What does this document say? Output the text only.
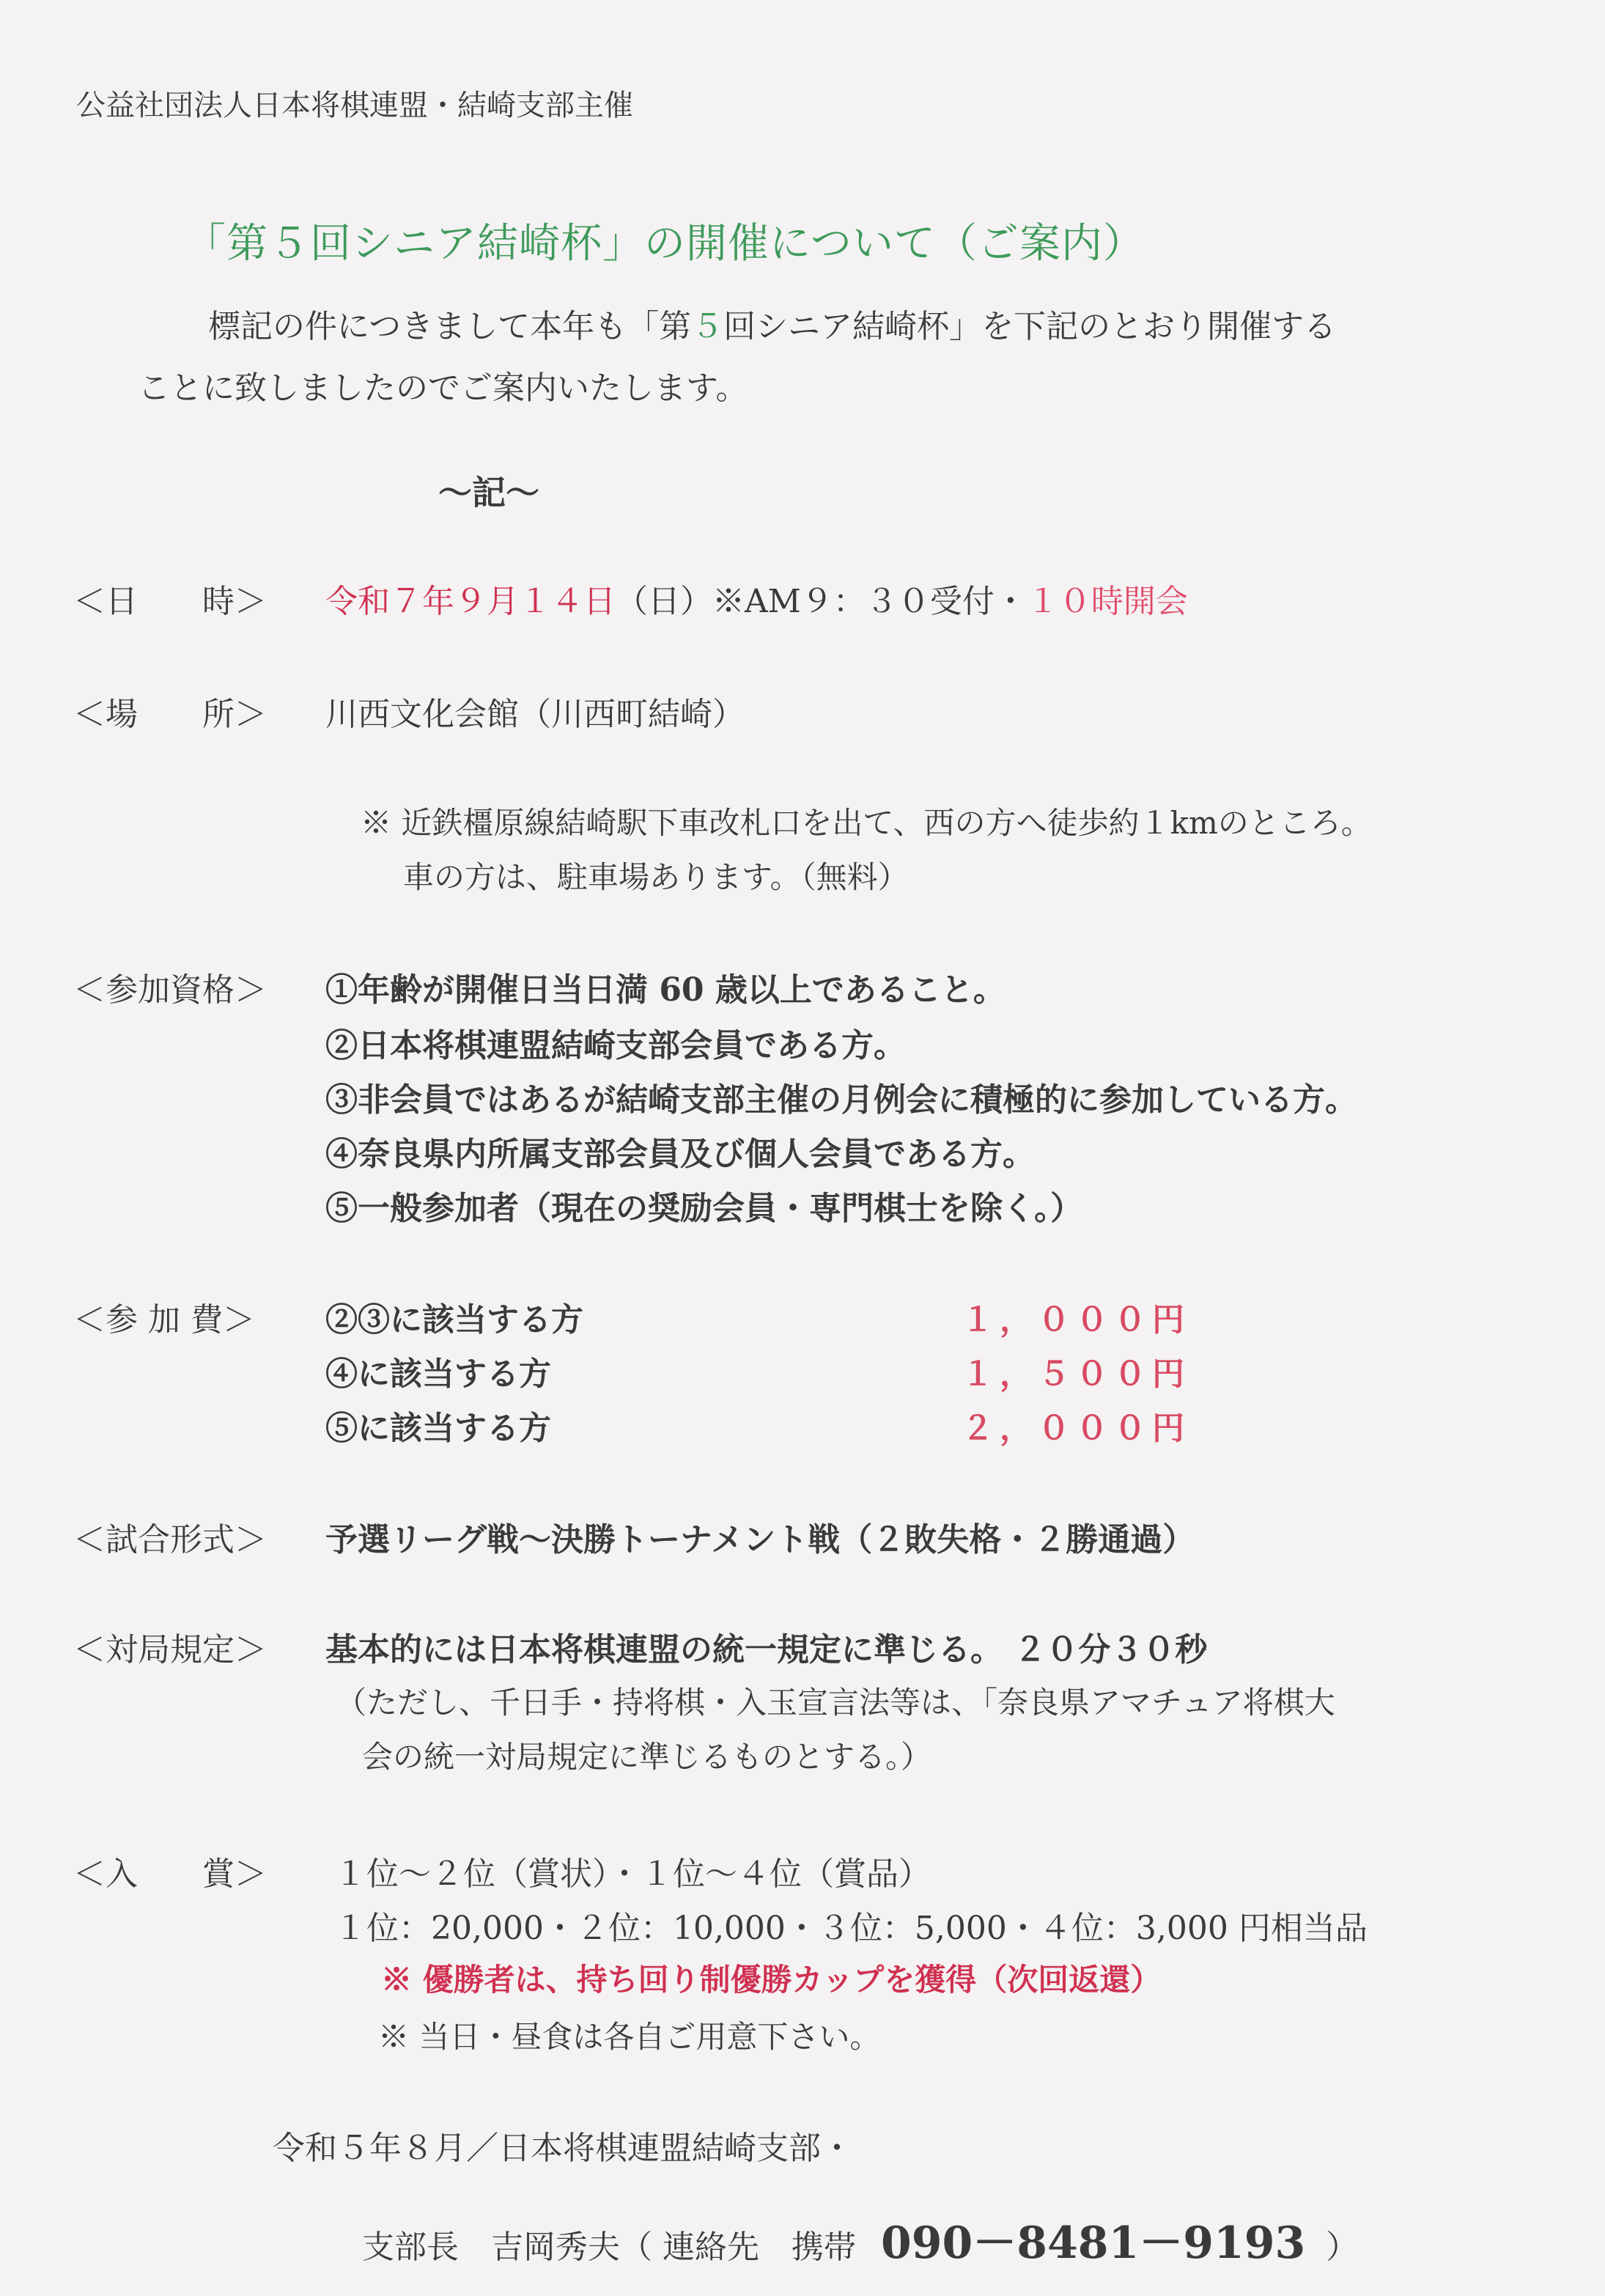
公益社団法人日本将棋連盟・結崎支部主催
「第５回シニア結崎杯」の開催について（ご案内）
標記の件につきまして本年も「第５回シニア結崎杯」を下記のとおり開催する
ことに致しましたのでご案内いたします。
～記～
＜日　　時＞ 令和７年９月１４日（日）※AM９：３０受付・１０時開会
＜場　　所＞ 川西文化会館（川西町結崎）
※ 近鉄橿原線結崎駅下車改札口を出て、西の方へ徒歩約１kmのところ。
車の方は、駐車場あります。（無料）
＜参加資格＞ ①年齢が開催日当日満 60 歳以上であること。
②日本将棋連盟結崎支部会員である方。
③非会員ではあるが結崎支部主催の月例会に積極的に参加している方。
④奈良県内所属支部会員及び個人会員である方。
⑤一般参加者（現在の奨励会員・専門棋士を除く。）
＜参 加 費＞ ②③に該当する方	１，０００円
④に該当する方	１，５００円
⑤に該当する方	２，０００円
＜試合形式＞ 予選リーグ戦～決勝トーナメント戦（２敗失格・２勝通過）
＜対局規定＞ 基本的には日本将棋連盟の統一規定に準じる。 ２０分３０秒
（ただし、千日手・持将棋・入玉宣言法等は、「奈良県アマチュア将棋大
会の統一対局規定に準じるものとする。）
＜入　　賞＞ １位～２位（賞状）・１位～４位（賞品）
１位：20,000・２位：10,000・３位：5,000・４位：3,000 円相当品
※ 優勝者は、持ち回り制優勝カップを獲得（次回返還）
※ 当日・昼食は各自ご用意下さい。
令和５年８月／日本将棋連盟結崎支部・
支部長　吉岡秀夫（ 連絡先　携帯 090－8481－9193 ）
